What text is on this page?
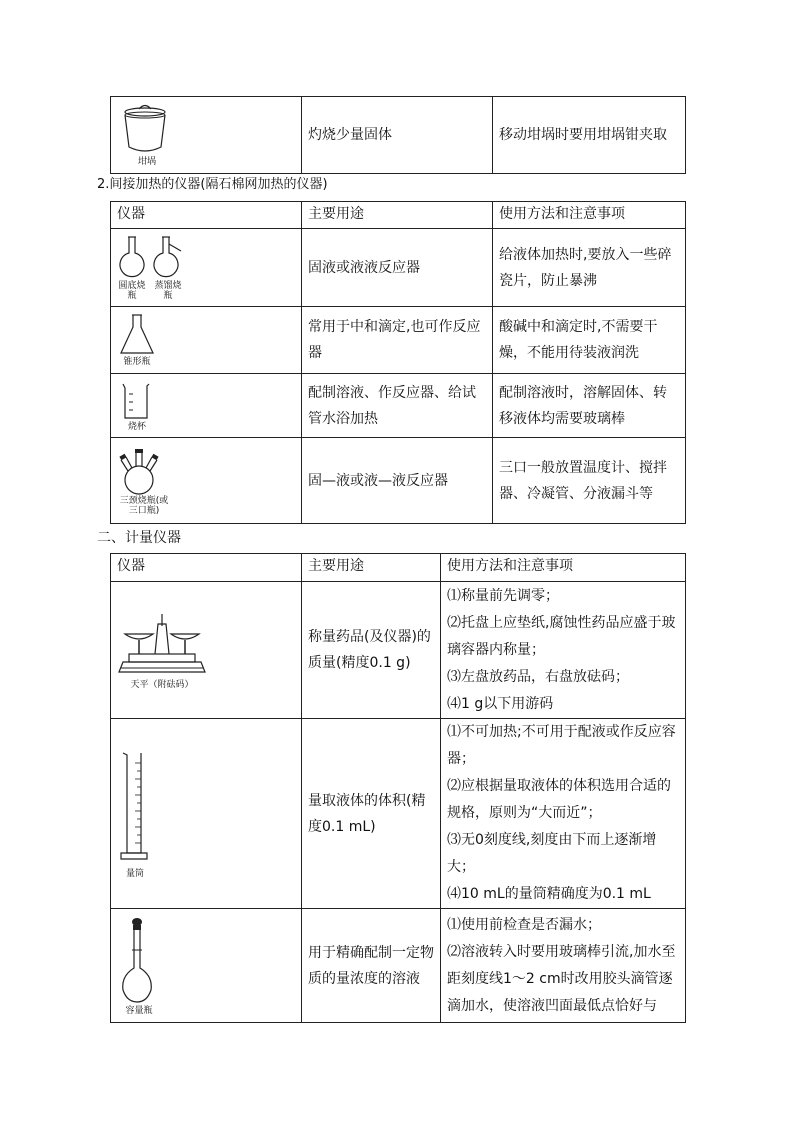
坩埚
	灼烧少量固体	移动坩埚时要用坩埚钳夹取
2.间接加热的仪器(隔石棉网加热的仪器)
仪器	主要用途	使用方法和注意事项

圆底烧瓶
蒸馏烧瓶	固液或液液反应器	给液体加热时,要放入一些碎瓷片，防止暴沸

锥形瓶	常用于中和滴定,也可作反应器	酸碱中和滴定时,不需要干燥，不能用待装液润洗

烧杯	配制溶液、作反应器、给试管水浴加热	配制溶液时，溶解固体、转移液体均需要玻璃棒

三颈烧瓶(或三口瓶)	固—液或液—液反应器	三口一般放置温度计、搅拌器、冷凝管、分液漏斗等
二、计量仪器
仪器	主要用途	使用方法和注意事项

天平（附砝码）	称量药品(及仪器)的质量(精度0.1 g)	⑴称量前先调零；

⑵托盘上应垫纸,腐蚀性药品应盛于玻璃容器内称量；

⑶左盘放药品，右盘放砝码；

⑷1 g以下用游码

量筒	量取液体的体积(精度0.1 mL)	⑴不可加热;不可用于配液或作反应容器；

⑵应根据量取液体的体积选用合适的规格，原则为“大而近”；

⑶无0刻度线,刻度由下而上逐渐增大；

⑷10 mL的量筒精确度为0.1 mL

容量瓶	用于精确配制一定物质的量浓度的溶液	⑴使用前检查是否漏水；

⑵溶液转入时要用玻璃棒引流,加水至距刻度线1～2 cm时改用胶头滴管逐滴加水，使溶液凹面最低点恰好与
